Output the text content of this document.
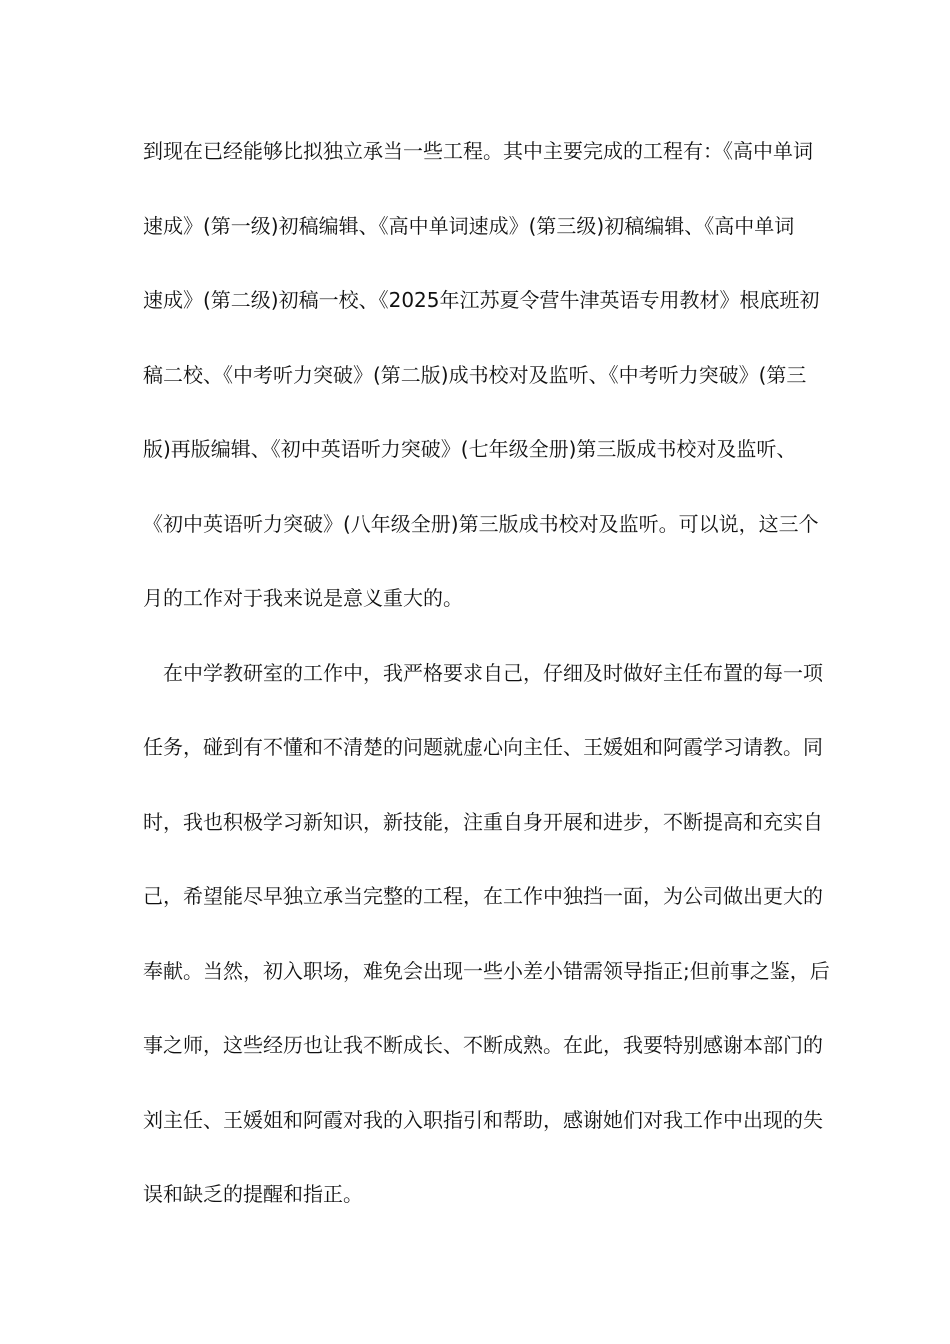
到现在已经能够比拟独立承当一些工程。其中主要完成的工程有：《高中单词
速成》(第一级)初稿编辑、《高中单词速成》(第三级)初稿编辑、《高中单词
速成》(第二级)初稿一校、《2025年江苏夏令营牛津英语专用教材》根底班初
稿二校、《中考听力突破》(第二版)成书校对及监听、《中考听力突破》(第三
版)再版编辑、《初中英语听力突破》(七年级全册)第三版成书校对及监听、
《初中英语听力突破》(八年级全册)第三版成书校对及监听。可以说，这三个
月的工作对于我来说是意义重大的。
在中学教研室的工作中，我严格要求自己，仔细及时做好主任布置的每一项
任务，碰到有不懂和不清楚的问题就虚心向主任、王媛姐和阿霞学习请教。同
时，我也积极学习新知识，新技能，注重自身开展和进步，不断提高和充实自
己，希望能尽早独立承当完整的工程，在工作中独挡一面，为公司做出更大的
奉献。当然，初入职场，难免会出现一些小差小错需领导指正;但前事之鉴，后
事之师，这些经历也让我不断成长、不断成熟。在此，我要特别感谢本部门的
刘主任、王媛姐和阿霞对我的入职指引和帮助，感谢她们对我工作中出现的失
误和缺乏的提醒和指正。
